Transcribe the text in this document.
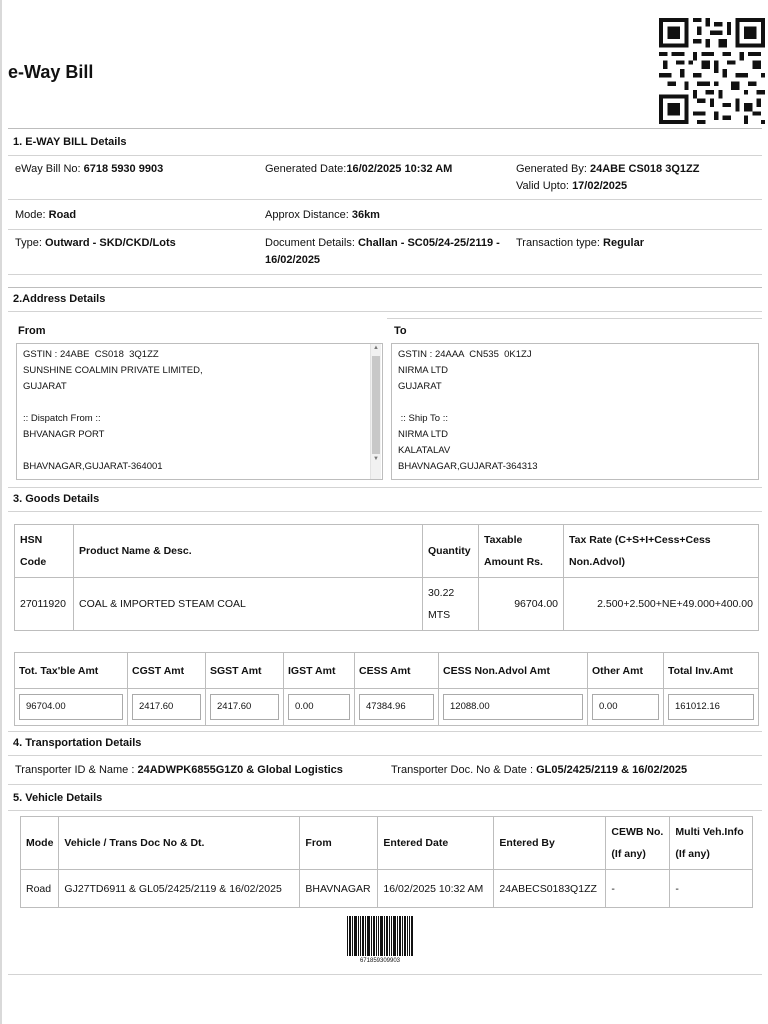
e-Way Bill
1. E-WAY BILL Details
eWay Bill No: 6718 5930 9903	Generated Date:16/02/2025 10:32 AM	Generated By: 24ABE CS018 3Q1ZZ
Valid Upto: 17/02/2025
Mode: Road	Approx Distance: 36km
Type: Outward - SKD/CKD/Lots	Document Details: Challan - SC05/24-25/2119 -
16/02/2025
Transaction type: Regular
2.Address Details
From	To
GSTIN : 24ABE  CS018  3Q1ZZ
SUNSHINE COALMIN PRIVATE LIMITED,
GUJARAT

:: Dispatch From ::
BHVANAGR PORT

BHAVNAGAR,GUJARAT-364001
▲
▼
GSTIN : 24AAA  CN535  0K1ZJ
NIRMA LTD
GUJARAT

:: Ship To ::
NIRMA LTD
KALATALAV
BHAVNAGAR,GUJARAT-364313
3. Goods Details
HSN Code	Product Name & Desc.	Quantity	Taxable Amount Rs.	Tax Rate (C+S+I+Cess+Cess Non.Advol)
27011920	COAL & IMPORTED STEAM COAL	30.22 MTS	96704.00	2.500+2.500+NE+49.000+400.00
Tot. Tax'ble Amt	CGST Amt	SGST Amt	IGST Amt	CESS Amt	CESS Non.Advol Amt	Other Amt	Total Inv.Amt

96704.00	2417.60	2417.60	0.00	47384.96	12088.00	0.00	161012.16
4. Transportation Details
Transporter ID & Name : 24ADWPK6855G1Z0 & Global Logistics	Transporter Doc. No & Date : GL05/2425/2119 & 16/02/2025
5. Vehicle Details
Mode	Vehicle / Trans Doc No & Dt.	From	Entered Date	Entered By	CEWB No. (If any)	Multi Veh.Info (If any)
Road	GJ27TD6911 & GL05/2425/2119 & 16/02/2025	BHAVNAGAR	16/02/2025 10:32 AM	24ABECS0183Q1ZZ	-	-
671859309903
